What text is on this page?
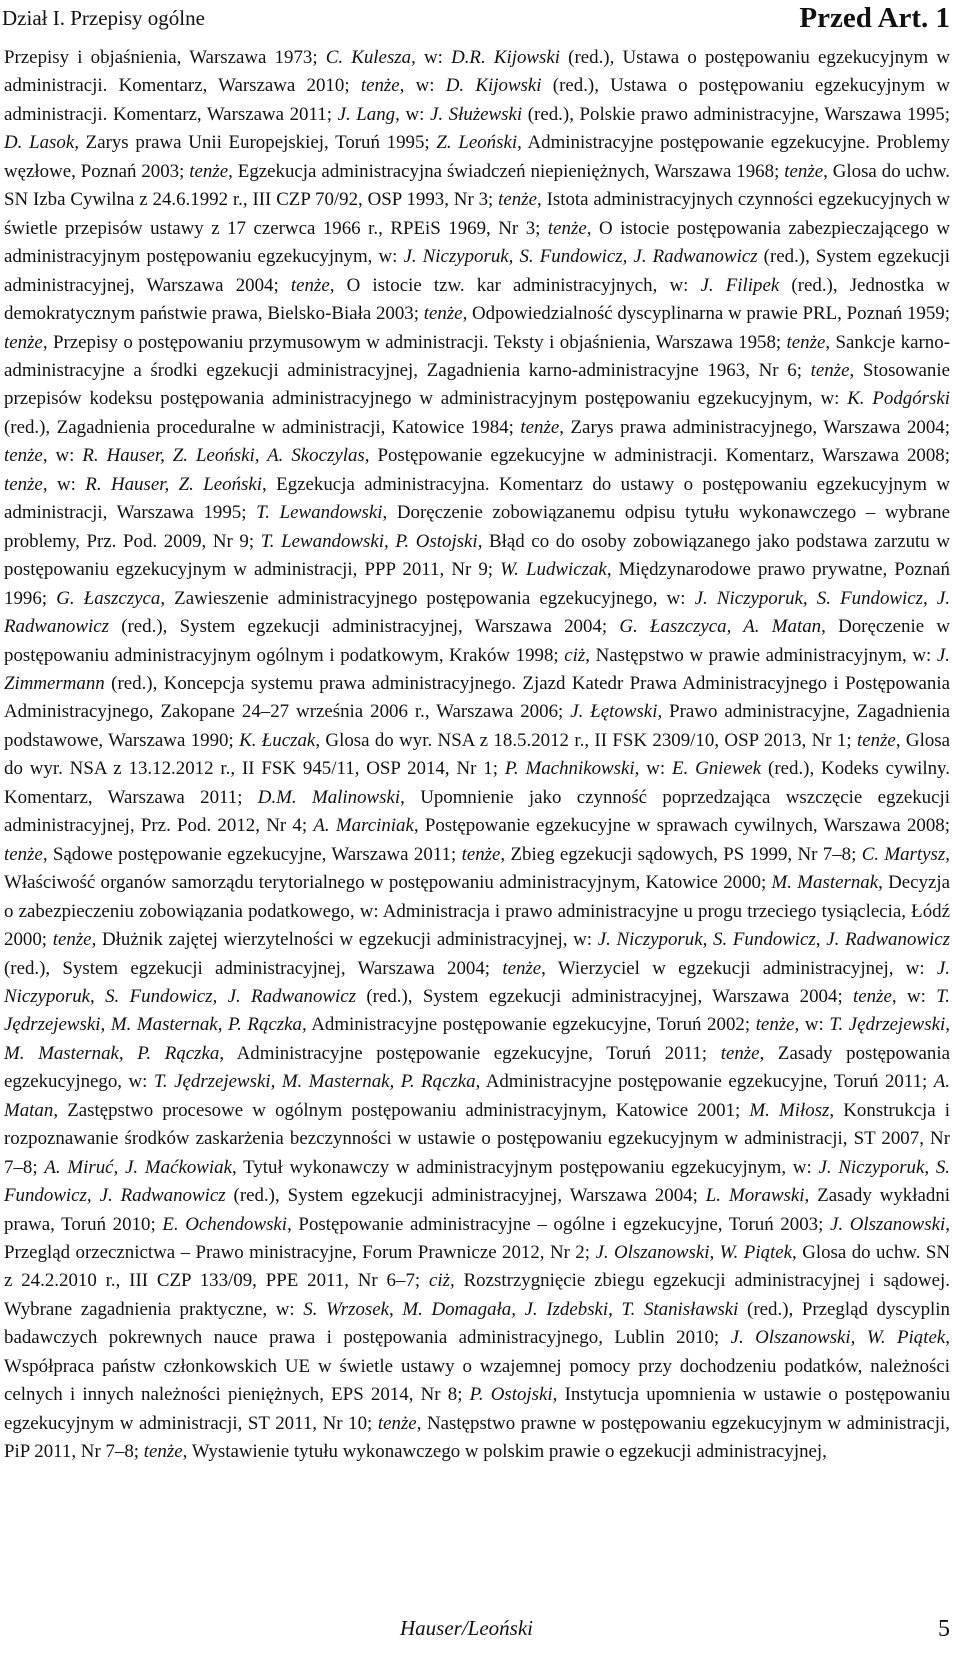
Dział I. Przepisy ogólne	Przed Art. 1
Przepisy i objaśnienia, Warszawa 1973; C. Kulesza, w: D.R. Kijowski (red.), Ustawa o postępowaniu egzekucyjnym w administracji. Komentarz, Warszawa 2010; tenże, w: D. Kijowski (red.), Ustawa o postępowaniu egzekucyjnym w administracji. Komentarz, Warszawa 2011; J. Lang, w: J. Służewski (red.), Polskie prawo administracyjne, Warszawa 1995; D. Lasok, Zarys prawa Unii Europejskiej, Toruń 1995; Z. Leoński, Administracyjne postępowanie egzekucyjne. Problemy węzłowe, Poznań 2003; tenże, Egzekucja administracyjna świadczeń niepieniężnych, Warszawa 1968; tenże, Glosa do uchw. SN Izba Cywilna z 24.6.1992 r., III CZP 70/92, OSP 1993, Nr 3; tenże, Istota administracyjnych czynności egzekucyjnych w świetle przepisów ustawy z 17 czerwca 1966 r., RPEiS 1969, Nr 3; tenże, O istocie postępowania zabezpieczającego w administracyjnym postępowaniu egzekucyjnym, w: J. Niczyporuk, S. Fundowicz, J. Radwanowicz (red.), System egzekucji administracyjnej, Warszawa 2004; tenże, O istocie tzw. kar administracyjnych, w: J. Filipek (red.), Jednostka w demokratycznym państwie prawa, Bielsko-Biała 2003; tenże, Odpowiedzialność dyscyplinarna w prawie PRL, Poznań 1959; tenże, Przepisy o postępowaniu przymusowym w administracji. Teksty i objaśnienia, Warszawa 1958; tenże, Sankcje karno-administracyjne a środki egzekucji administracyjnej, Zagadnienia karno-administracyjne 1963, Nr 6; tenże, Stosowanie przepisów kodeksu postępowania administracyjnego w administracyjnym postępowaniu egzekucyjnym, w: K. Podgórski (red.), Zagadnienia proceduralne w administracji, Katowice 1984; tenże, Zarys prawa administracyjnego, Warszawa 2004; tenże, w: R. Hauser, Z. Leoński, A. Skoczylas, Postępowanie egzekucyjne w administracji. Komentarz, Warszawa 2008; tenże, w: R. Hauser, Z. Leoński, Egzekucja administracyjna. Komentarz do ustawy o postępowaniu egzekucyjnym w administracji, Warszawa 1995; T. Lewandowski, Doręczenie zobowiązanemu odpisu tytułu wykonawczego – wybrane problemy, Prz. Pod. 2009, Nr 9; T. Lewandowski, P. Ostojski, Błąd co do osoby zobowiązanego jako podstawa zarzutu w postępowaniu egzekucyjnym w administracji, PPP 2011, Nr 9; W. Ludwiczak, Międzynarodowe prawo prywatne, Poznań 1996; G. Łaszczyca, Zawieszenie administracyjnego postępowania egzekucyjnego, w: J. Niczyporuk, S. Fundowicz, J. Radwanowicz (red.), System egzekucji administracyjnej, Warszawa 2004; G. Łaszczyca, A. Matan, Doręczenie w postępowaniu administracyjnym ogólnym i podatkowym, Kraków 1998; ciż, Następstwo w prawie administracyjnym, w: J. Zimmermann (red.), Koncepcja systemu prawa administracyjnego. Zjazd Katedr Prawa Administracyjnego i Postępowania Administracyjnego, Zakopane 24–27 września 2006 r., Warszawa 2006; J. Łętowski, Prawo administracyjne, Zagadnienia podstawowe, Warszawa 1990; K. Łuczak, Glosa do wyr. NSA z 18.5.2012 r., II FSK 2309/10, OSP 2013, Nr 1; tenże, Glosa do wyr. NSA z 13.12.2012 r., II FSK 945/11, OSP 2014, Nr 1; P. Machnikowski, w: E. Gniewek (red.), Kodeks cywilny. Komentarz, Warszawa 2011; D.M. Malinowski, Upomnienie jako czynność poprzedzająca wszczęcie egzekucji administracyjnej, Prz. Pod. 2012, Nr 4; A. Marciniak, Postępowanie egzekucyjne w sprawach cywilnych, Warszawa 2008; tenże, Sądowe postępowanie egzekucyjne, Warszawa 2011; tenże, Zbieg egzekucji sądowych, PS 1999, Nr 7–8; C. Martysz, Właściwość organów samorządu terytorialnego w postępowaniu administracyjnym, Katowice 2000; M. Masternak, Decyzja o zabezpieczeniu zobowiązania podatkowego, w: Administracja i prawo administracyjne u progu trzeciego tysiąclecia, Łódź 2000; tenże, Dłużnik zajętej wierzytelności w egzekucji administracyjnej, w: J. Niczyporuk, S. Fundowicz, J. Radwanowicz (red.), System egzekucji administracyjnej, Warszawa 2004; tenże, Wierzyciel w egzekucji administracyjnej, w: J. Niczyporuk, S. Fundowicz, J. Radwanowicz (red.), System egzekucji administracyjnej, Warszawa 2004; tenże, w: T. Jędrzejewski, M. Masternak, P. Rączka, Administracyjne postępowanie egzekucyjne, Toruń 2002; tenże, w: T. Jędrzejewski, M. Masternak, P. Rączka, Administracyjne postępowanie egzekucyjne, Toruń 2011; tenże, Zasady postępowania egzekucyjnego, w: T. Jędrzejewski, M. Masternak, P. Rączka, Administracyjne postępowanie egzekucyjne, Toruń 2011; A. Matan, Zastępstwo procesowe w ogólnym postępowaniu administracyjnym, Katowice 2001; M. Miłosz, Konstrukcja i rozpoznawanie środków zaskarżenia bezczynności w ustawie o postępowaniu egzekucyjnym w administracji, ST 2007, Nr 7–8; A. Miruć, J. Maćkowiak, Tytuł wykonawczy w administracyjnym postępowaniu egzekucyjnym, w: J. Niczyporuk, S. Fundowicz, J. Radwanowicz (red.), System egzekucji administracyjnej, Warszawa 2004; L. Morawski, Zasady wykładni prawa, Toruń 2010; E. Ochendowski, Postępowanie administracyjne – ogólne i egzekucyjne, Toruń 2003; J. Olszanowski, Przegląd orzecznictwa – Prawo ministracyjne, Forum Prawnicze 2012, Nr 2; J. Olszanowski, W. Piątek, Glosa do uchw. SN z 24.2.2010 r., III CZP 133/09, PPE 2011, Nr 6–7; ciż, Rozstrzygnięcie zbiegu egzekucji administracyjnej i sądowej. Wybrane zagadnienia praktyczne, w: S. Wrzosek, M. Domagała, J. Izdebski, T. Stanisławski (red.), Przegląd dyscyplin badawczych pokrewnych nauce prawa i postępowania administracyjnego, Lublin 2010; J. Olszanowski, W. Piątek, Współpraca państw członkowskich UE w świetle ustawy o wzajemnej pomocy przy dochodzeniu podatków, należności celnych i innych należności pieniężnych, EPS 2014, Nr 8; P. Ostojski, Instytucja upomnienia w ustawie o postępowaniu egzekucyjnym w administracji, ST 2011, Nr 10; tenże, Następstwo prawne w postępowaniu egzekucyjnym w administracji, PiP 2011, Nr 7–8; tenże, Wystawienie tytułu wykonawczego w polskim prawie o egzekucji administracyjnej,
Hauser/Leoński	5
